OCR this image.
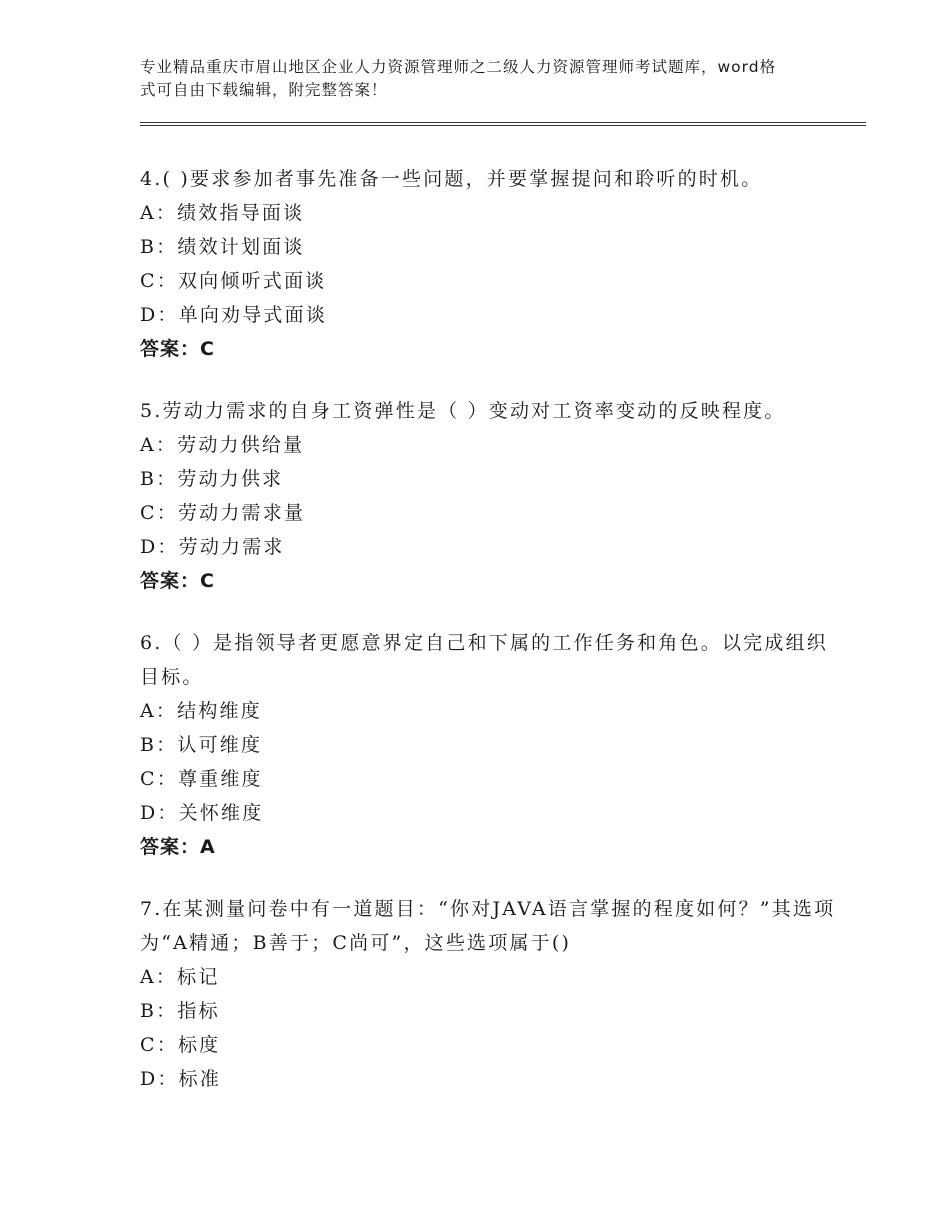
专业精品重庆市眉山地区企业人力资源管理师之二级人力资源管理师考试题库，word格式可自由下载编辑，附完整答案！

4.( )要求参加者事先准备一些问题，并要掌握提问和聆听的时机。

A：绩效指导面谈

B：绩效计划面谈

C：双向倾听式面谈

D：单向劝导式面谈

答案：C

5.劳动力需求的自身工资弹性是（ ）变动对工资率变动的反映程度。

A：劳动力供给量

B：劳动力供求

C：劳动力需求量

D：劳动力需求

答案：C

6.（ ）是指领导者更愿意界定自己和下属的工作任务和角色。以完成组织目标。

A：结构维度

B：认可维度

C：尊重维度

D：关怀维度

答案：A

7.在某测量问卷中有一道题目：“你对JAVA语言掌握的程度如何？”其选项为“A精通；B善于；C尚可”，这些选项属于()

A：标记

B：指标

C：标度

D：标准
